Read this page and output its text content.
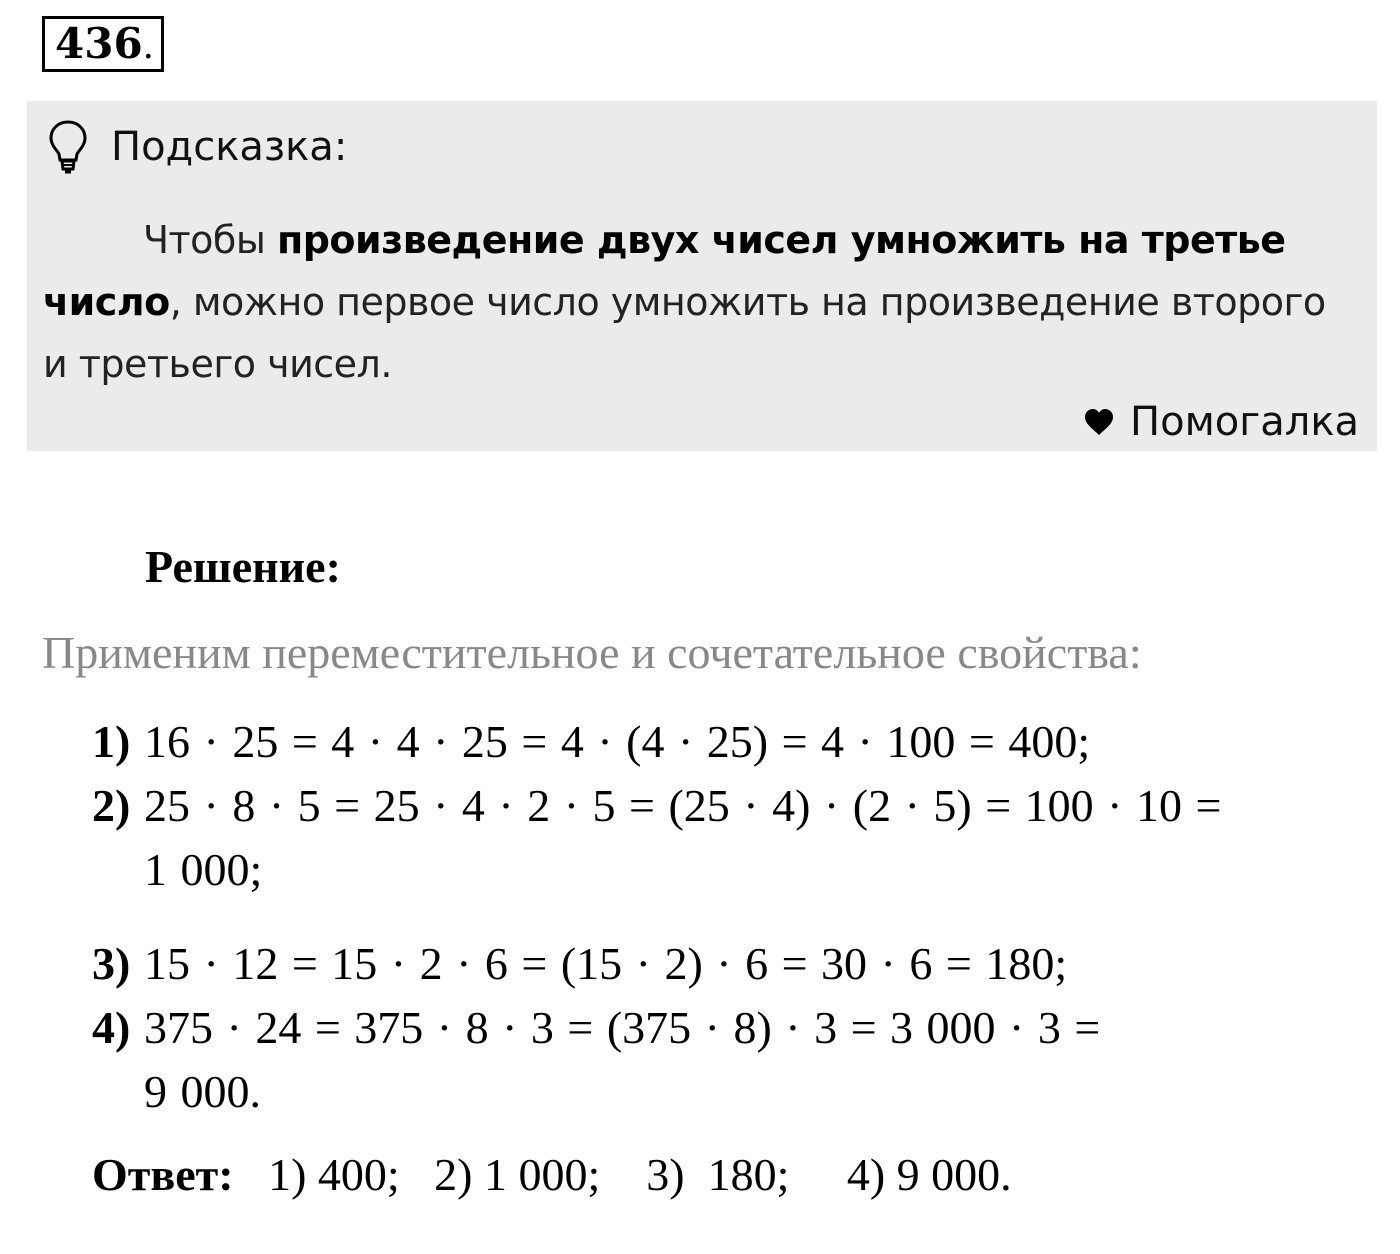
436.
Подсказка:
Чтобы произведение двух чисел умножить на третье число, можно первое число умножить на произведение второго и третьего чисел.
Помогалка
Решение:
Применим переместительное и сочетательное свойства:
1) 16 · 25 = 4 · 4 · 25 = 4 · (4 · 25) = 4 · 100 = 400;
2) 25 · 8 · 5 = 25 · 4 · 2 · 5 = (25 · 4) · (2 · 5) = 100 · 10 =
1 000;
3) 15 · 12 = 15 · 2 · 6 = (15 · 2) · 6 = 30 · 6 = 180;
4) 375 · 24 = 375 · 8 · 3 = (375 · 8) · 3 = 3 000 · 3 =
9 000.
Ответ:   1) 400;   2) 1 000;    3)  180;     4) 9 000.
